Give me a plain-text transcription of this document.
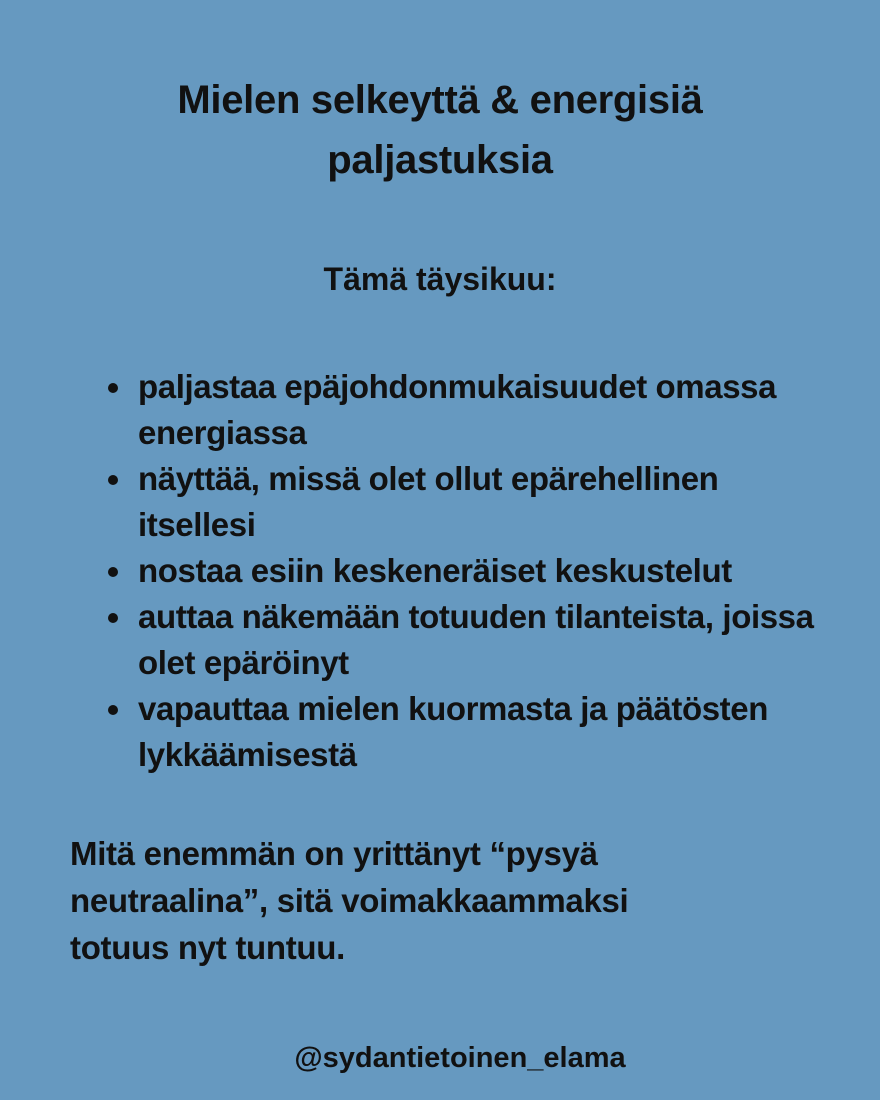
Mielen selkeyttä & energisiä
paljastuksia
Tämä täysikuu:
paljastaa epäjohdonmukaisuudet omassa energiassa
näyttää, missä olet ollut epärehellinen itsellesi
nostaa esiin keskeneräiset keskustelut
auttaa näkemään totuuden tilanteista, joissa olet epäröinyt
vapauttaa mielen kuormasta ja päätösten lykkäämisestä
Mitä enemmän on yrittänyt “pysyä
neutraalina”, sitä voimakkaammaksi
totuus nyt tuntuu.
@sydantietoinen_elama
